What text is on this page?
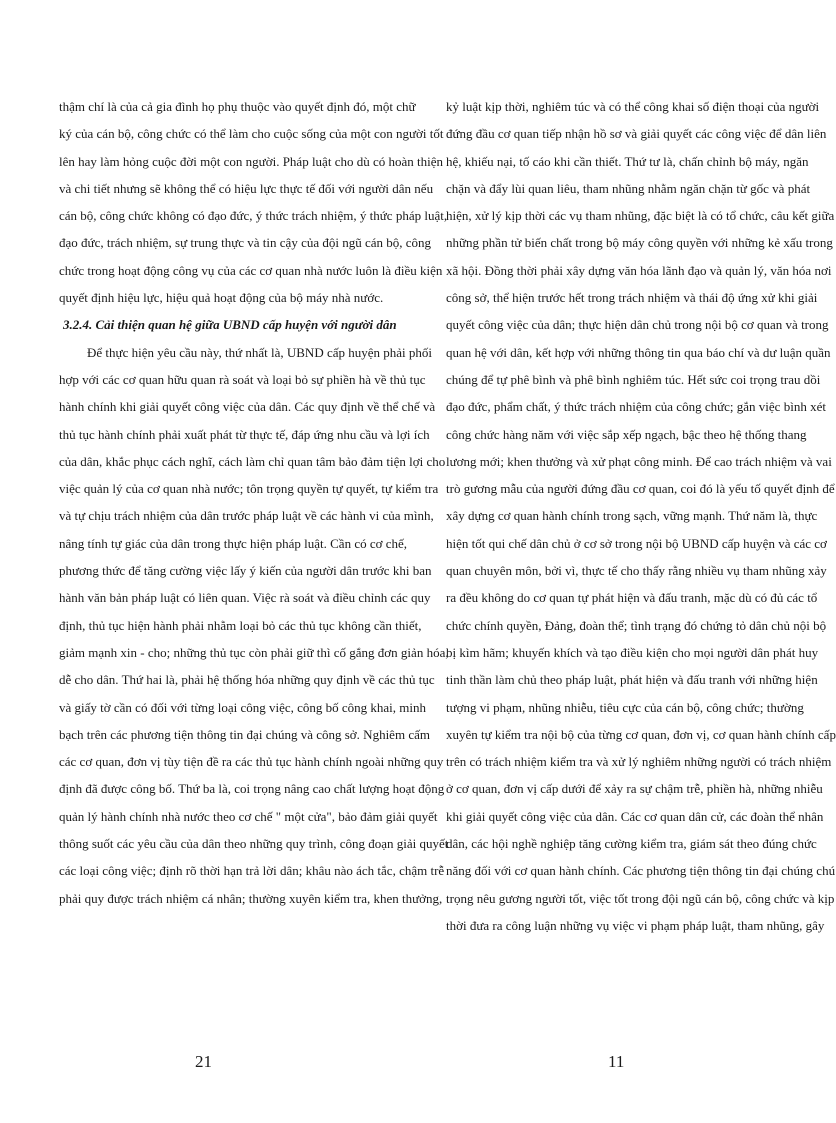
thậm chí là của cả gia đình họ phụ thuộc vào quyết định đó, một chữ
ký của cán bộ, công chức có thể làm cho cuộc sống của một con người tốt
lên hay làm hỏng cuộc đời một con người. Pháp luật cho dù có hoàn thiện
và chi tiết nhưng sẽ không thể có hiệu lực thực tế đối với người dân nếu
cán bộ, công chức không có đạo đức, ý thức trách nhiệm, ý thức pháp luật,
đạo đức, trách nhiệm, sự trung thực và tin cậy của đội ngũ cán bộ, công
chức trong hoạt động công vụ của các cơ quan nhà nước luôn là điều kiện
quyết định hiệu lực, hiệu quả hoạt động của bộ máy nhà nước.
3.2.4. Cải thiện quan hệ giữa UBND cấp huyện với người dân
Để thực hiện yêu cầu này, thứ nhất là, UBND cấp huyện phải phối
hợp với các cơ quan hữu quan rà soát và loại bỏ sự phiền hà về thủ tục
hành chính khi giải quyết công việc của dân. Các quy định về thể chế và
thủ tục hành chính phải xuất phát từ thực tế, đáp ứng nhu cầu và lợi ích
của dân, khắc phục cách nghĩ, cách làm chỉ quan tâm bảo đảm tiện lợi cho
việc quản lý của cơ quan nhà nước; tôn trọng quyền tự quyết, tự kiểm tra
và tự chịu trách nhiệm của dân trước pháp luật về các hành vi của mình,
nâng tính tự giác của dân trong thực hiện pháp luật. Cần có cơ chế,
phương thức để tăng cường việc lấy ý kiến của người dân trước khi ban
hành văn bản pháp luật có liên quan. Việc rà soát và điều chỉnh các quy
định, thủ tục hiện hành phải nhằm loại bỏ các thủ tục không cần thiết,
giảm mạnh xin - cho; những thủ tục còn phải giữ thì cố gắng đơn giản hóa,
dễ cho dân. Thứ hai là, phải hệ thống hóa những quy định về các thủ tục
và giấy tờ cần có đối với từng loại công việc, công bố công khai, minh
bạch trên các phương tiện thông tin đại chúng và công sở. Nghiêm cấm
các cơ quan, đơn vị tùy tiện đề ra các thủ tục hành chính ngoài những quy
định đã được công bố. Thứ ba là, coi trọng nâng cao chất lượng hoạt động
quản lý hành chính nhà nước theo cơ chế " một cửa", bảo đảm giải quyết
thông suốt các yêu cầu của dân theo những quy trình, công đoạn giải quyết
các loại công việc; định rõ thời hạn trả lời dân; khâu nào ách tắc, chậm trễ
phải quy được trách nhiệm cá nhân; thường xuyên kiểm tra, khen thưởng,
kỷ luật kịp thời, nghiêm túc và có thể công khai số điện thoại của người
đứng đầu cơ quan tiếp nhận hồ sơ và giải quyết các công việc để dân liên
hệ, khiếu nại, tố cáo khi cần thiết. Thứ tư là, chấn chỉnh bộ máy, ngăn
chặn và đẩy lùi quan liêu, tham nhũng nhằm ngăn chặn từ gốc và phát
hiện, xử lý kịp thời các vụ tham nhũng, đặc biệt là có tổ chức, câu kết giữa
những phần tử biến chất trong bộ máy công quyền với những kẻ xấu trong
xã hội. Đồng thời phải xây dựng văn hóa lãnh đạo và quản lý, văn hóa nơi
công sở, thể hiện trước hết trong trách nhiệm và thái độ ứng xử khi giải
quyết công việc của dân; thực hiện dân chủ trong nội bộ cơ quan và trong
quan hệ với dân, kết hợp với những thông tin qua báo chí và dư luận quần
chúng để tự phê bình và phê bình nghiêm túc. Hết sức coi trọng trau dồi
đạo đức, phẩm chất, ý thức trách nhiệm của công chức; gắn việc bình xét
công chức hàng năm với việc sắp xếp ngạch, bậc theo hệ thống thang
lương mới; khen thưởng và xử phạt công minh. Để cao trách nhiệm và vai
trò gương mẫu của người đứng đầu cơ quan, coi đó là yếu tố quyết định để
xây dựng cơ quan hành chính trong sạch, vững mạnh. Thứ năm là, thực
hiện tốt qui chế dân chủ ở cơ sở trong nội bộ UBND cấp huyện và các cơ
quan chuyên môn, bởi vì, thực tế cho thấy rằng nhiều vụ tham nhũng xảy
ra đều không do cơ quan tự phát hiện và đấu tranh, mặc dù có đủ các tổ
chức chính quyền, Đảng, đoàn thể; tình trạng đó chứng tỏ dân chủ nội bộ
bị kìm hãm; khuyến khích và tạo điều kiện cho mọi người dân phát huy
tinh thần làm chủ theo pháp luật, phát hiện và đấu tranh với những hiện
tượng vi phạm, nhũng nhiễu, tiêu cực của cán bộ, công chức; thường
xuyên tự kiểm tra nội bộ của từng cơ quan, đơn vị, cơ quan hành chính cấp
trên có trách nhiệm kiểm tra và xử lý nghiêm những người có trách nhiệm
ở cơ quan, đơn vị cấp dưới để xảy ra sự chậm trễ, phiền hà, những nhiễu
khi giải quyết công việc của dân. Các cơ quan dân cử, các đoàn thể nhân
dân, các hội nghề nghiệp tăng cường kiểm tra, giám sát theo đúng chức
năng đối với cơ quan hành chính. Các phương tiện thông tin đại chúng chú
trọng nêu gương người tốt, việc tốt trong đội ngũ cán bộ, công chức và kịp
thời đưa ra công luận những vụ việc vi phạm pháp luật, tham nhũng, gây
21	11
